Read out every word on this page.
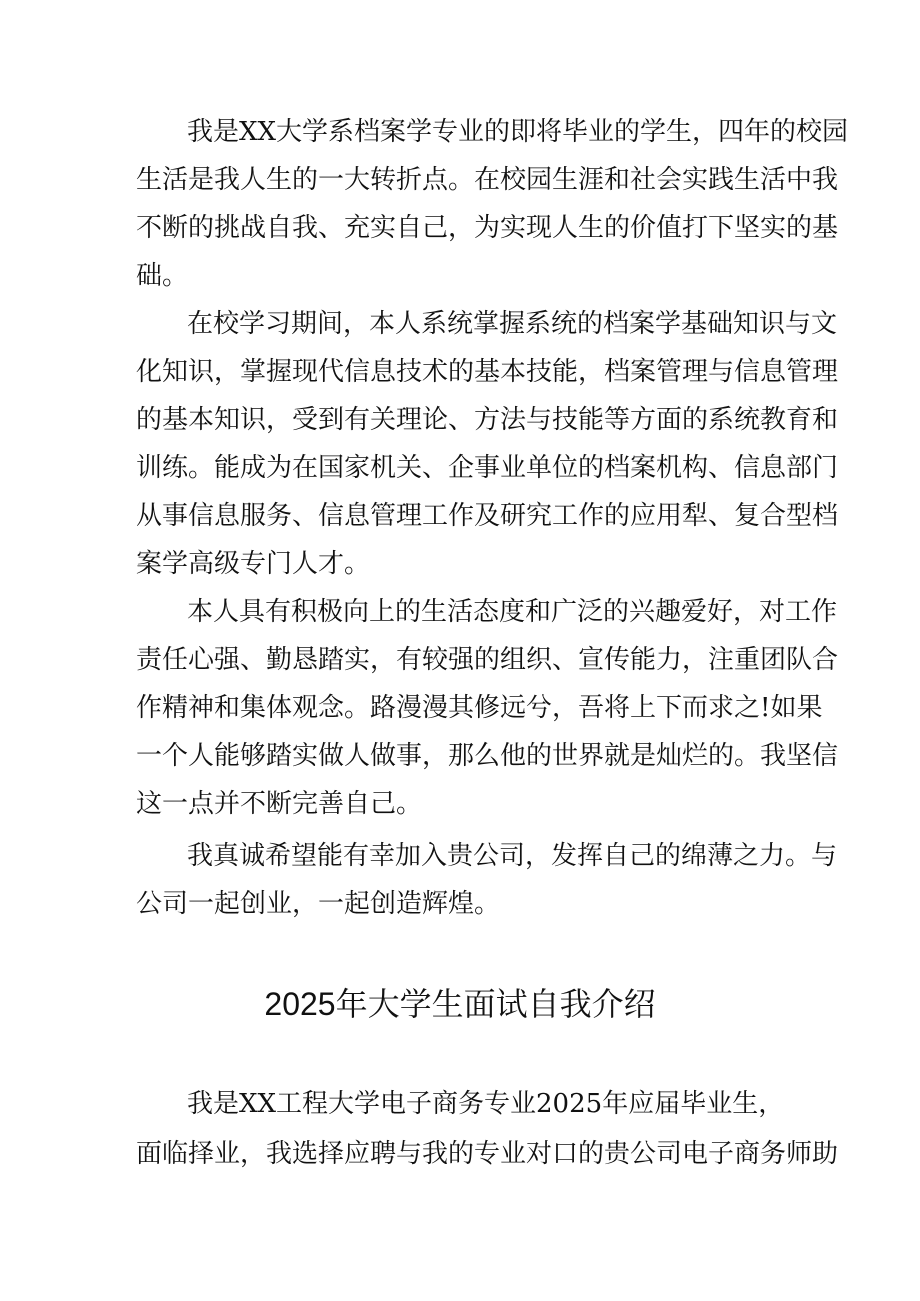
我是XX大学系档案学专业的即将毕业的学生，四年的校园
生活是我人生的一大转折点。在校园生涯和社会实践生活中我
不断的挑战自我、充实自己，为实现人生的价值打下坚实的基
础。
在校学习期间，本人系统掌握系统的档案学基础知识与文
化知识，掌握现代信息技术的基本技能，档案管理与信息管理
的基本知识，受到有关理论、方法与技能等方面的系统教育和
训练。能成为在国家机关、企事业单位的档案机构、信息部门
从事信息服务、信息管理工作及研究工作的应用犁、复合型档
案学高级专门人才。
本人具有积极向上的生活态度和广泛的兴趣爱好，对工作
责任心强、勤恳踏实，有较强的组织、宣传能力，注重团队合
作精神和集体观念。路漫漫其修远兮，吾将上下而求之!如果
一个人能够踏实做人做事，那么他的世界就是灿烂的。我坚信
这一点并不断完善自己。
我真诚希望能有幸加入贵公司，发挥自己的绵薄之力。与
公司一起创业，一起创造辉煌。
2025年大学生面试自我介绍
我是XX工程大学电子商务专业2025年应届毕业生，
面临择业，我选择应聘与我的专业对口的贵公司电子商务师助
